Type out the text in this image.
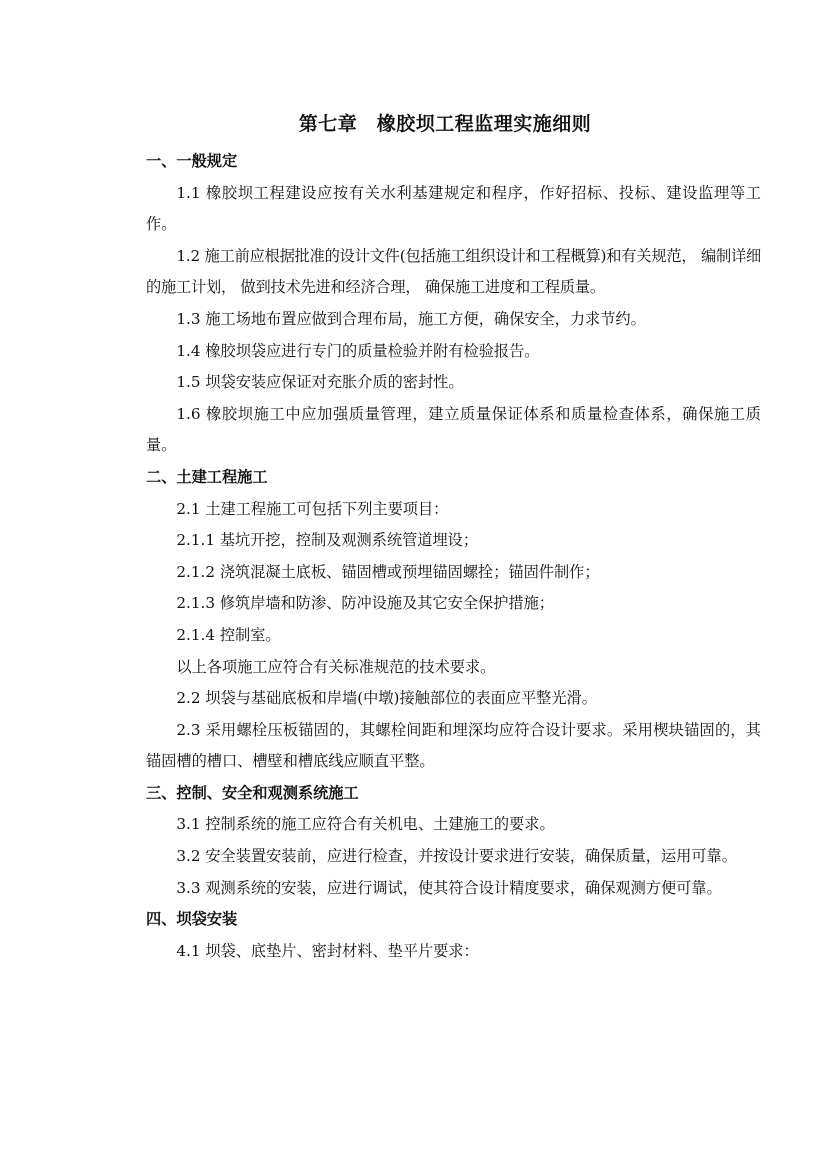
第七章　橡胶坝工程监理实施细则

一、一般规定

1.1 橡胶坝工程建设应按有关水利基建规定和程序，作好招标、投标、建设监理等工作。

1.2 施工前应根据批准的设计文件(包括施工组织设计和工程概算)和有关规范， 编制详细的施工计划， 做到技术先进和经济合理， 确保施工进度和工程质量。

1.3 施工场地布置应做到合理布局，施工方便，确保安全，力求节约。

1.4 橡胶坝袋应进行专门的质量检验并附有检验报告。

1.5 坝袋安装应保证对充胀介质的密封性。

1.6 橡胶坝施工中应加强质量管理，建立质量保证体系和质量检查体系，确保施工质量。

二、土建工程施工

2.1 土建工程施工可包括下列主要项目：

2.1.1 基坑开挖，控制及观测系统管道埋设；

2.1.2 浇筑混凝土底板、锚固槽或预埋锚固螺拴；锚固件制作；

2.1.3 修筑岸墙和防渗、防冲设施及其它安全保护措施；

2.1.4 控制室。

以上各项施工应符合有关标准规范的技术要求。

2.2 坝袋与基础底板和岸墙(中墩)接触部位的表面应平整光滑。

2.3 采用螺栓压板锚固的，其螺栓间距和埋深均应符合设计要求。采用楔块锚固的，其锚固槽的槽口、槽壁和槽底线应顺直平整。

三、控制、安全和观测系统施工

3.1 控制系统的施工应符合有关机电、土建施工的要求。

3.2 安全装置安装前，应进行检查，并按设计要求进行安装，确保质量，运用可靠。

3.3 观测系统的安装，应进行调试，使其符合设计精度要求，确保观测方便可靠。

四、坝袋安装

4.1 坝袋、底垫片、密封材料、垫平片要求：
